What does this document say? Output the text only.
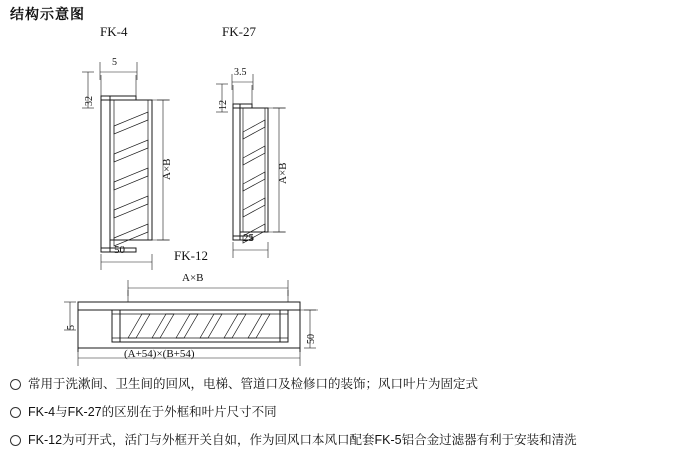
结构示意图
FK-4
5
32
A×B
50
FK-27
3.5
12
A×B
25
FK-12
A×B
5
50
(A+54)×(B+54)
常用于洗漱间、卫生间的回风，电梯、管道口及检修口的装饰；风口叶片为固定式
FK-4与FK-27的区别在于外框和叶片尺寸不同
FK-12为可开式，活门与外框开关自如，作为回风口本风口配套FK-5铝合金过滤器有利于安装和清洗
